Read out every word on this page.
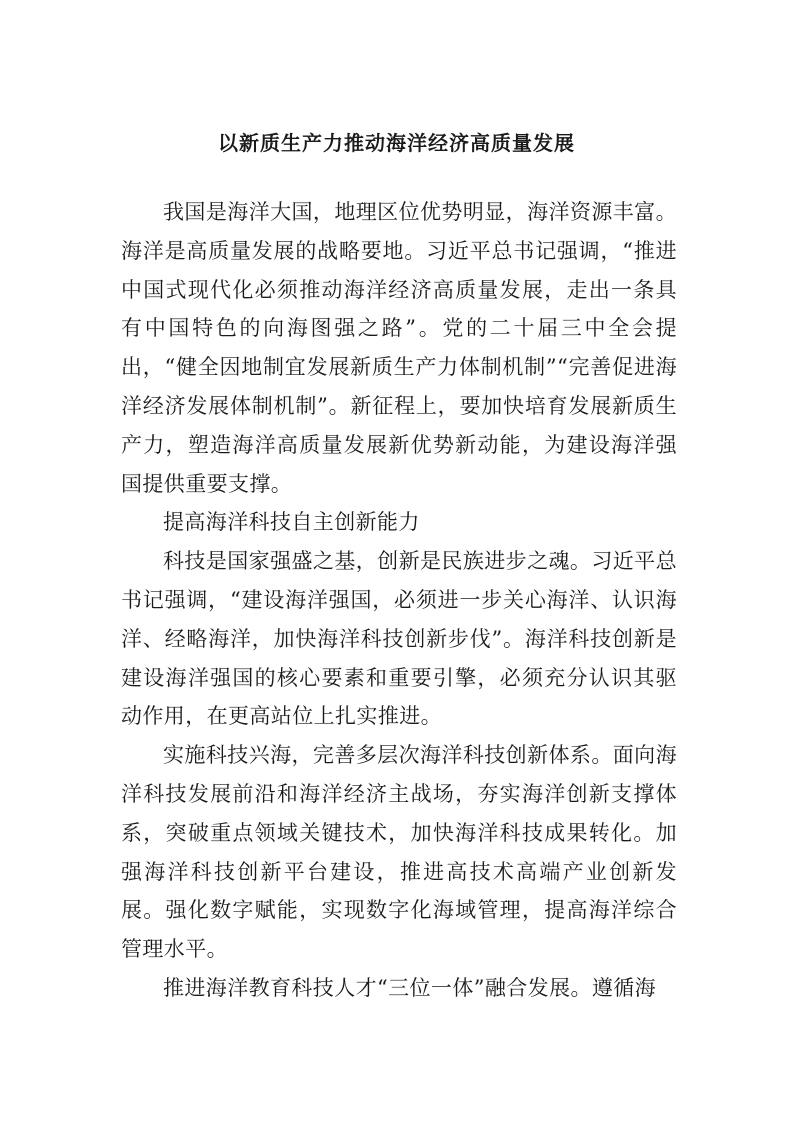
以新质生产力推动海洋经济高质量发展

我国是海洋大国，地理区位优势明显，海洋资源丰富。海洋是高质量发展的战略要地。习近平总书记强调，“推进中国式现代化必须推动海洋经济高质量发展，走出一条具有中国特色的向海图强之路”。党的二十届三中全会提出，“健全因地制宜发展新质生产力体制机制”“完善促进海洋经济发展体制机制”。新征程上，要加快培育发展新质生产力，塑造海洋高质量发展新优势新动能，为建设海洋强国提供重要支撑。

提高海洋科技自主创新能力

科技是国家强盛之基，创新是民族进步之魂。习近平总书记强调，“建设海洋强国，必须进一步关心海洋、认识海洋、经略海洋，加快海洋科技创新步伐”。海洋科技创新是建设海洋强国的核心要素和重要引擎，必须充分认识其驱动作用，在更高站位上扎实推进。

实施科技兴海，完善多层次海洋科技创新体系。面向海洋科技发展前沿和海洋经济主战场，夯实海洋创新支撑体系，突破重点领域关键技术，加快海洋科技成果转化。加强海洋科技创新平台建设，推进高技术高端产业创新发展。强化数字赋能，实现数字化海域管理，提高海洋综合管理水平。

推进海洋教育科技人才“三位一体”融合发展。遵循海
